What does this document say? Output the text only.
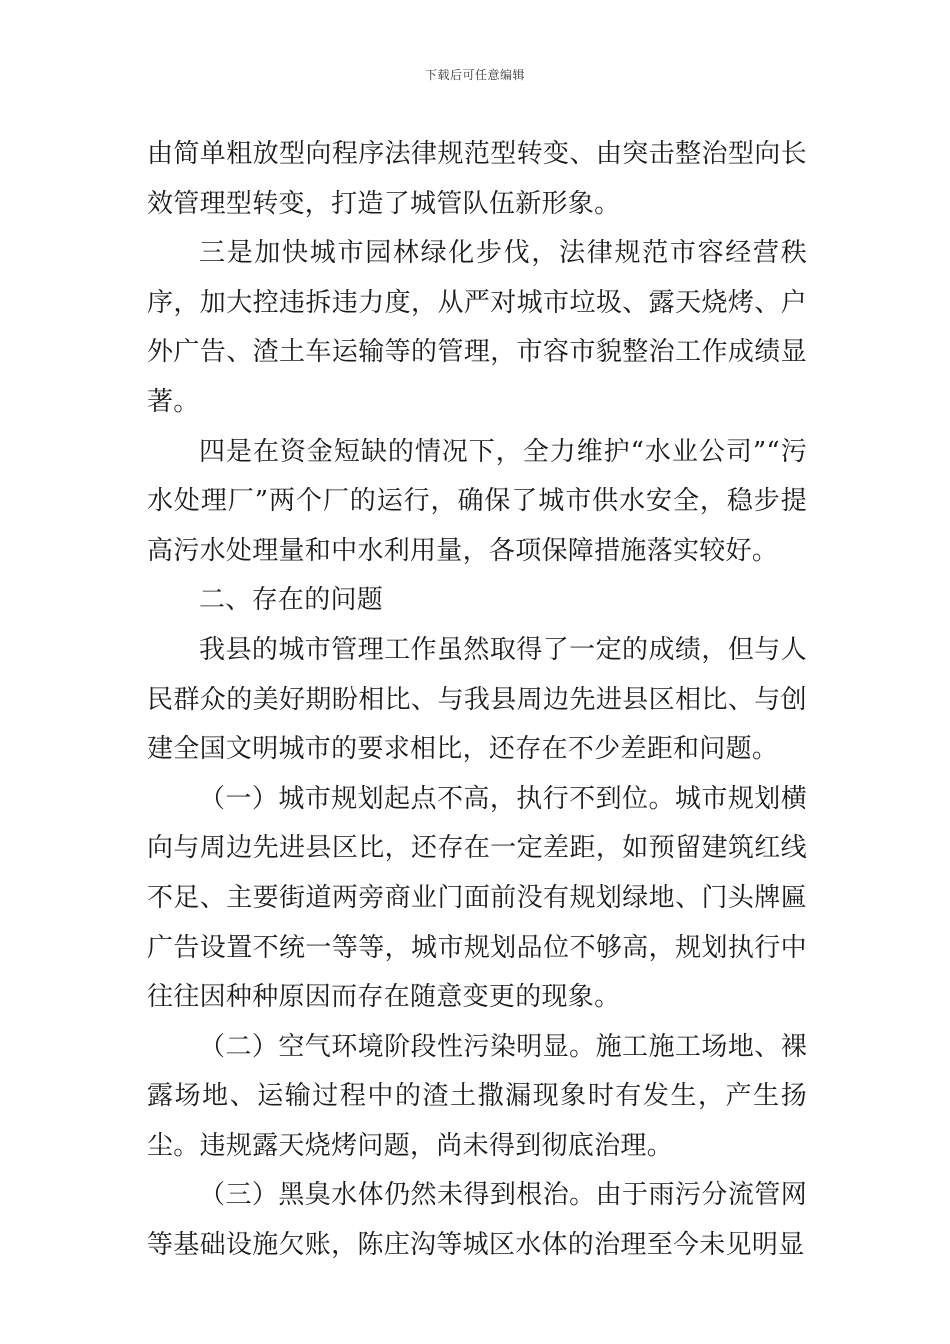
下载后可任意编辑

由简单粗放型向程序法律规范型转变、由突击整治型向长效管理型转变，打造了城管队伍新形象。

三是加快城市园林绿化步伐，法律规范市容经营秩序，加大控违拆违力度，从严对城市垃圾、露天烧烤、户外广告、渣土车运输等的管理，市容市貌整治工作成绩显著。

四是在资金短缺的情况下，全力维护“水业公司”“污水处理厂”两个厂的运行，确保了城市供水安全，稳步提高污水处理量和中水利用量，各项保障措施落实较好。

二、存在的问题

我县的城市管理工作虽然取得了一定的成绩，但与人民群众的美好期盼相比、与我县周边先进县区相比、与创建全国文明城市的要求相比，还存在不少差距和问题。

（一）城市规划起点不高，执行不到位。城市规划横向与周边先进县区比，还存在一定差距，如预留建筑红线不足、主要街道两旁商业门面前没有规划绿地、门头牌匾广告设置不统一等等，城市规划品位不够高，规划执行中往往因种种原因而存在随意变更的现象。

（二）空气环境阶段性污染明显。施工施工场地、裸露场地、运输过程中的渣土撒漏现象时有发生，产生扬尘。违规露天烧烤问题，尚未得到彻底治理。

（三）黑臭水体仍然未得到根治。由于雨污分流管网等基础设施欠账，陈庄沟等城区水体的治理至今未见明显
